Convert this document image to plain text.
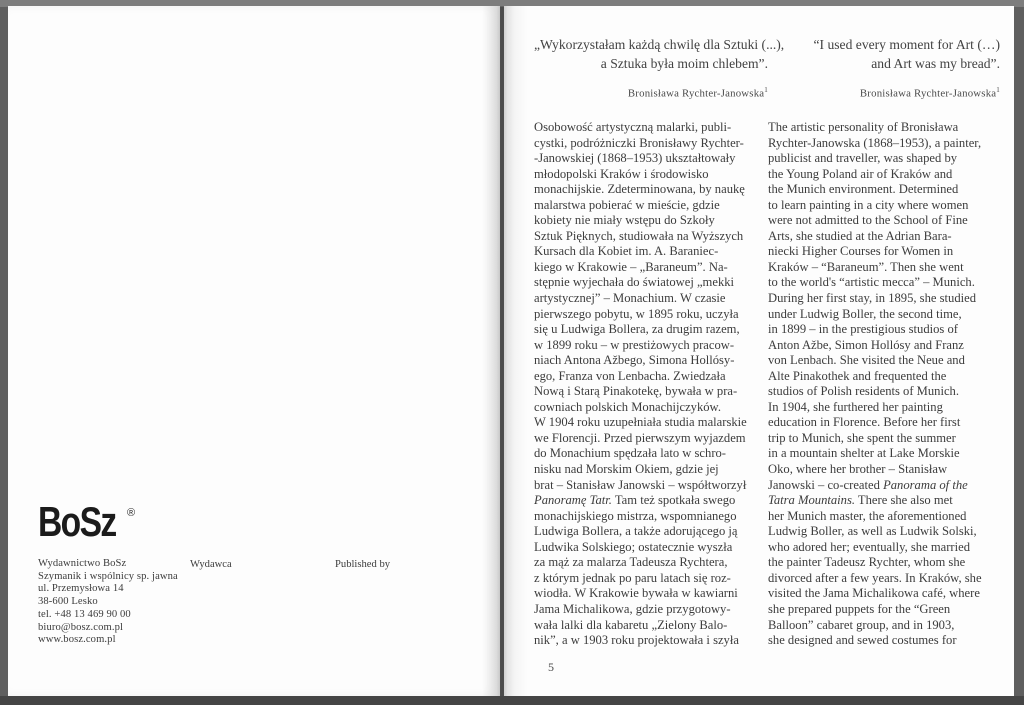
BoSz ®
Wydawnictwo BoSz
Szymanik i wspólnicy sp. jawna
ul. Przemysłowa 14
38-600 Lesko
tel. +48 13 469 90 00
biuro@bosz.com.pl
www.bosz.com.pl
Wydawca	Published by
„Wykorzystałam każdą chwilę dla Sztuki (...),
a Sztuka była moim chlebem”.
Bronisława Rychter-Janowska$^1$
“I used every moment for Art (…)
and Art was my bread”.
Bronisława Rychter-Janowska$^1$
Osobowość artystyczną malarki, publi-
cystki, podróżniczki Bronisławy Rychter-
-Janowskiej (1868–1953) ukształtowały
młodopolski Kraków i środowisko
monachijskie. Zdeterminowana, by naukę
malarstwa pobierać w mieście, gdzie
kobiety nie miały wstępu do Szkoły
Sztuk Pięknych, studiowała na Wyższych
Kursach dla Kobiet im. A. Baraniec-
kiego w Krakowie – „Baraneum”. Na-
stępnie wyjechała do światowej „mekki
artystycznej” – Monachium. W czasie
pierwszego pobytu, w 1895 roku, uczyła
się u Ludwiga Bollera, za drugim razem,
w 1899 roku – w prestiżowych pracow-
niach Antona Ažbego, Simona Hollósy-
ego, Franza von Lenbacha. Zwiedzała
Nową i Starą Pinakotekę, bywała w pra-
cowniach polskich Monachijczyków.
W 1904 roku uzupełniała studia malarskie
we Florencji. Przed pierwszym wyjazdem
do Monachium spędzała lato w schro-
nisku nad Morskim Okiem, gdzie jej
brat – Stanisław Janowski – współtworzył
Panoramę Tatr. Tam też spotkała swego
monachijskiego mistrza, wspomnianego
Ludwiga Bollera, a także adorującego ją
Ludwika Solskiego; ostatecznie wyszła
za mąż za malarza Tadeusza Rychtera,
z którym jednak po paru latach się roz-
wiodła. W Krakowie bywała w kawiarni
Jama Michalikowa, gdzie przygotowy-
wała lalki dla kabaretu „Zielony Balo-
nik”, a w 1903 roku projektowała i szyła
The artistic personality of Bronisława
Rychter-Janowska (1868–1953), a painter,
publicist and traveller, was shaped by
the Young Poland air of Kraków and
the Munich environment. Determined
to learn painting in a city where women
were not admitted to the School of Fine
Arts, she studied at the Adrian Bara-
niecki Higher Courses for Women in
Kraków – “Baraneum”. Then she went
to the world's “artistic mecca” – Munich.
During her first stay, in 1895, she studied
under Ludwig Boller, the second time,
in 1899 – in the prestigious studios of
Anton Ažbe, Simon Hollósy and Franz
von Lenbach. She visited the Neue and
Alte Pinakothek and frequented the
studios of Polish residents of Munich.
In 1904, she furthered her painting
education in Florence. Before her first
trip to Munich, she spent the summer
in a mountain shelter at Lake Morskie
Oko, where her brother – Stanisław
Janowski – co-created Panorama of the
Tatra Mountains. There she also met
her Munich master, the aforementioned
Ludwig Boller, as well as Ludwik Solski,
who adored her; eventually, she married
the painter Tadeusz Rychter, whom she
divorced after a few years. In Kraków, she
visited the Jama Michalikowa café, where
she prepared puppets for the “Green
Balloon” cabaret group, and in 1903,
she designed and sewed costumes for
5
